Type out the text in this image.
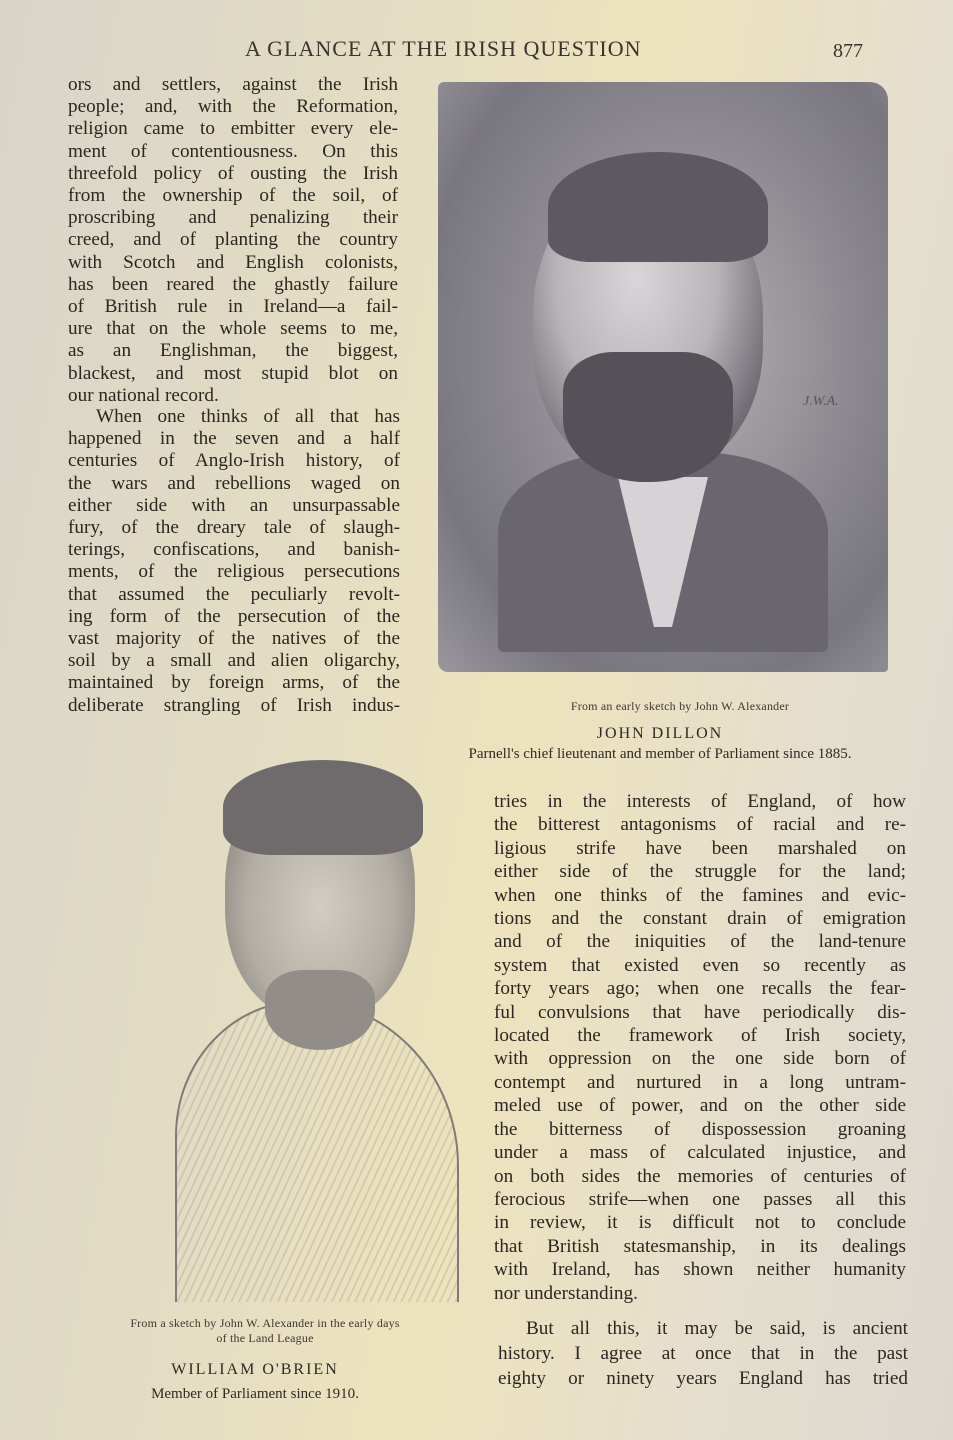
A GLANCE AT THE IRISH QUESTION	877
ors and settlers, against the Irish
people; and, with the Reformation,
religion came to embitter every ele-
ment of contentiousness. On this
threefold policy of ousting the Irish
from the ownership of the soil, of
proscribing and penalizing their
creed, and of planting the country
with Scotch and English colonists,
has been reared the ghastly failure
of British rule in Ireland—a fail-
ure that on the whole seems to me,
as an Englishman, the biggest,
blackest, and most stupid blot on
our national record.
When one thinks of all that has
happened in the seven and a half
centuries of Anglo-Irish history, of
the wars and rebellions waged on
either side with an unsurpassable
fury, of the dreary tale of slaugh-
terings, confiscations, and banish-
ments, of the religious persecutions
that assumed the peculiarly revolt-
ing form of the persecution of the
vast majority of the natives of the
soil by a small and alien oligarchy,
maintained by foreign arms, of the
deliberate strangling of Irish indus-
J.W.A.
From an early sketch by John W. Alexander
JOHN DILLON
Parnell's chief lieutenant and member of Parliament since 1885.
From a sketch by John W. Alexander in the early days
of the Land League
WILLIAM O'BRIEN
Member of Parliament since 1910.
tries in the interests of England, of how
the bitterest antagonisms of racial and re-
ligious strife have been marshaled on
either side of the struggle for the land;
when one thinks of the famines and evic-
tions and the constant drain of emigration
and of the iniquities of the land-tenure
system that existed even so recently as
forty years ago; when one recalls the fear-
ful convulsions that have periodically dis-
located the framework of Irish society,
with oppression on the one side born of
contempt and nurtured in a long untram-
meled use of power, and on the other side
the bitterness of dispossession groaning
under a mass of calculated injustice, and
on both sides the memories of centuries of
ferocious strife—when one passes all this
in review, it is difficult not to conclude
that British statesmanship, in its dealings
with Ireland, has shown neither humanity
nor understanding.
But all this, it may be said, is ancient
history. I agree at once that in the past
eighty or ninety years England has tried
